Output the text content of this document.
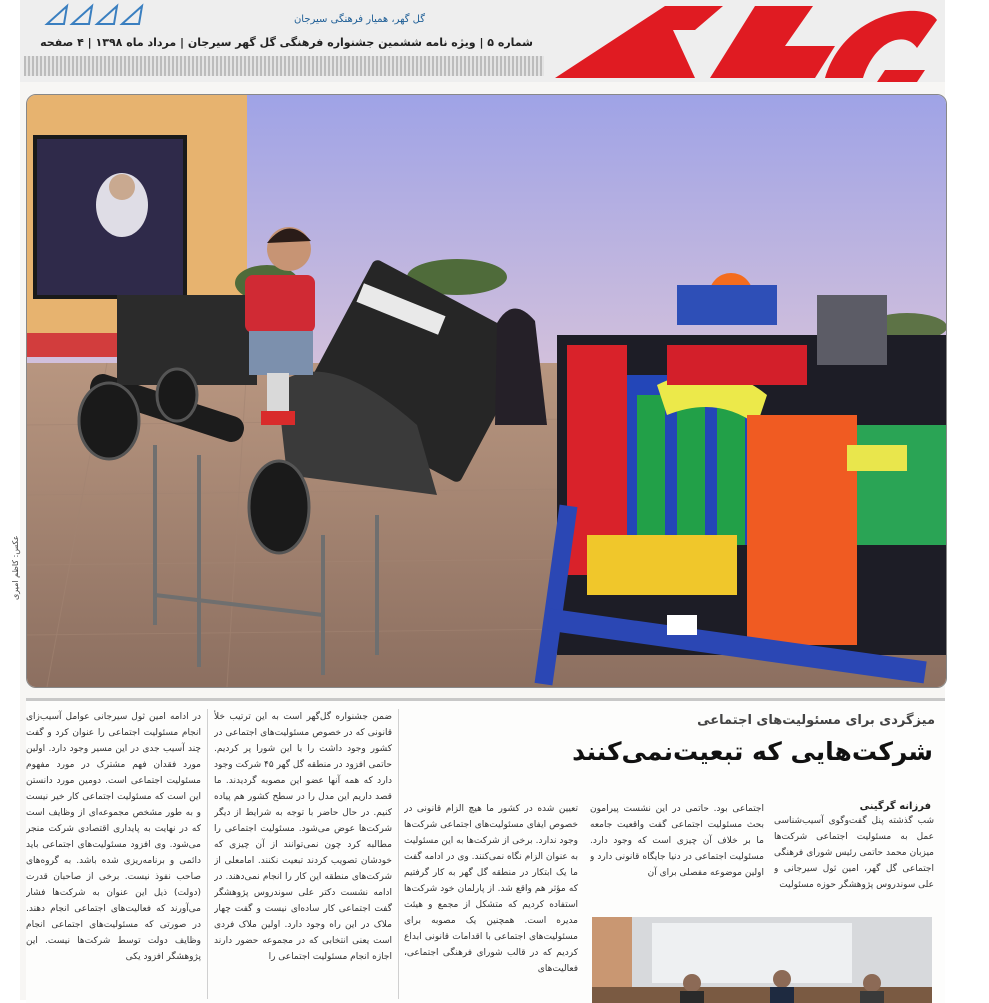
گل گهر، همیار فرهنگی سیرجان
شماره ۵ | ویژه نامه ششمین جشنواره فرهنگی گل گهر سیرجان | مرداد ماه ۱۳۹۸ | ۴ صفحه
عکس: کاظم امیری
در ادامه امین ثول سیرجانی عوامل آسیب‌زای انجام مسئولیت اجتماعی را عنوان کرد و گفت چند آسیب جدی در این مسیر وجود دارد. اولین مورد فقدان فهم مشترک در مورد مفهوم مسئولیت اجتماعی است. دومین مورد دانستن این است که مسئولیت اجتماعی کار خیر نیست و به طور مشخص مجموعه‌ای از وظایف است که در نهایت به پایداری اقتصادی شرکت منجر می‌شود. وی افزود مسئولیت‌های اجتماعی باید دائمی و برنامه‌ریزی شده باشد. به گروه‌های صاحب نفوذ نیست. برخی از صاحبان قدرت (دولت) ذیل این عنوان به شرکت‌ها فشار می‌آورند که فعالیت‌های اجتماعی انجام دهند. در صورتی که مسئولیت‌های اجتماعی انجام وظایف دولت توسط شرکت‌ها نیست. این پژوهشگر افزود یکی
ضمن جشنواره گل‌گهر است به این ترتیب خلأ قانونی که در خصوص مسئولیت‌های اجتماعی در کشور وجود داشت را با این شورا پر کردیم. حاتمی افزود در منطقه گل گهر ۴۵ شرکت وجود دارد که همه آنها عضو این مصوبه گردیدند. ما قصد داریم این مدل را در سطح کشور هم پیاده کنیم. در حال حاضر با توجه به شرایط از دیگر شرکت‌ها عوض می‌شود. مسئولیت اجتماعی را مطالبه کرد چون نمی‌توانند از آن چیزی که خودشان تصویب کردند تبعیت نکنند. امامعلی از شرکت‌های منطقه این کار را انجام نمی‌دهند. در ادامه نشست دکتر علی سوندروس پژوهشگر گفت اجتماعی کار ساده‌ای نیست و گفت چهار ملاک در این راه وجود دارد. اولین ملاک فردی است یعنی انتخابی که در مجموعه حضور دارند اجازه انجام مسئولیت اجتماعی را
میزگردی برای مسئولیت‌های اجتماعی
شرکت‌هایی که تبعیت‌نمی‌کنند
تعیین شده در کشور ما هیچ الزام قانونی در خصوص ایفای مسئولیت‌های اجتماعی شرکت‌ها وجود ندارد. برخی از شرکت‌ها به این مسئولیت به عنوان الزام نگاه نمی‌کنند. وی در ادامه گفت ما یک ابتکار در منطقه گل گهر به کار گرفتیم که مؤثر هم واقع شد. از پارلمان خود شرکت‌ها استفاده کردیم که متشکل از مجمع و هیئت مدیره است. همچنین یک مصوبه برای مسئولیت‌های اجتماعی با اقدامات قانونی ابداع کردیم که در قالب شورای فرهنگی اجتماعی، فعالیت‌های
اجتماعی بود. حاتمی در این نشست پیرامون بحث مسئولیت اجتماعی گفت واقعیت جامعه ما بر خلاف آن چیزی است که وجود دارد. مسئولیت اجتماعی در دنیا جایگاه قانونی دارد و اولین موضوعه مفصلی برای آن
فرزانه گرگینی
شب گذشته پنل گفت‌وگوی آسیب‌شناسی عمل به مسئولیت اجتماعی شرکت‌ها میزبان محمد حاتمی رئیس شورای فرهنگی اجتماعی گل گهر، امین ثول سیرجانی و علی سوندروس پژوهشگر حوزه مسئولیت
